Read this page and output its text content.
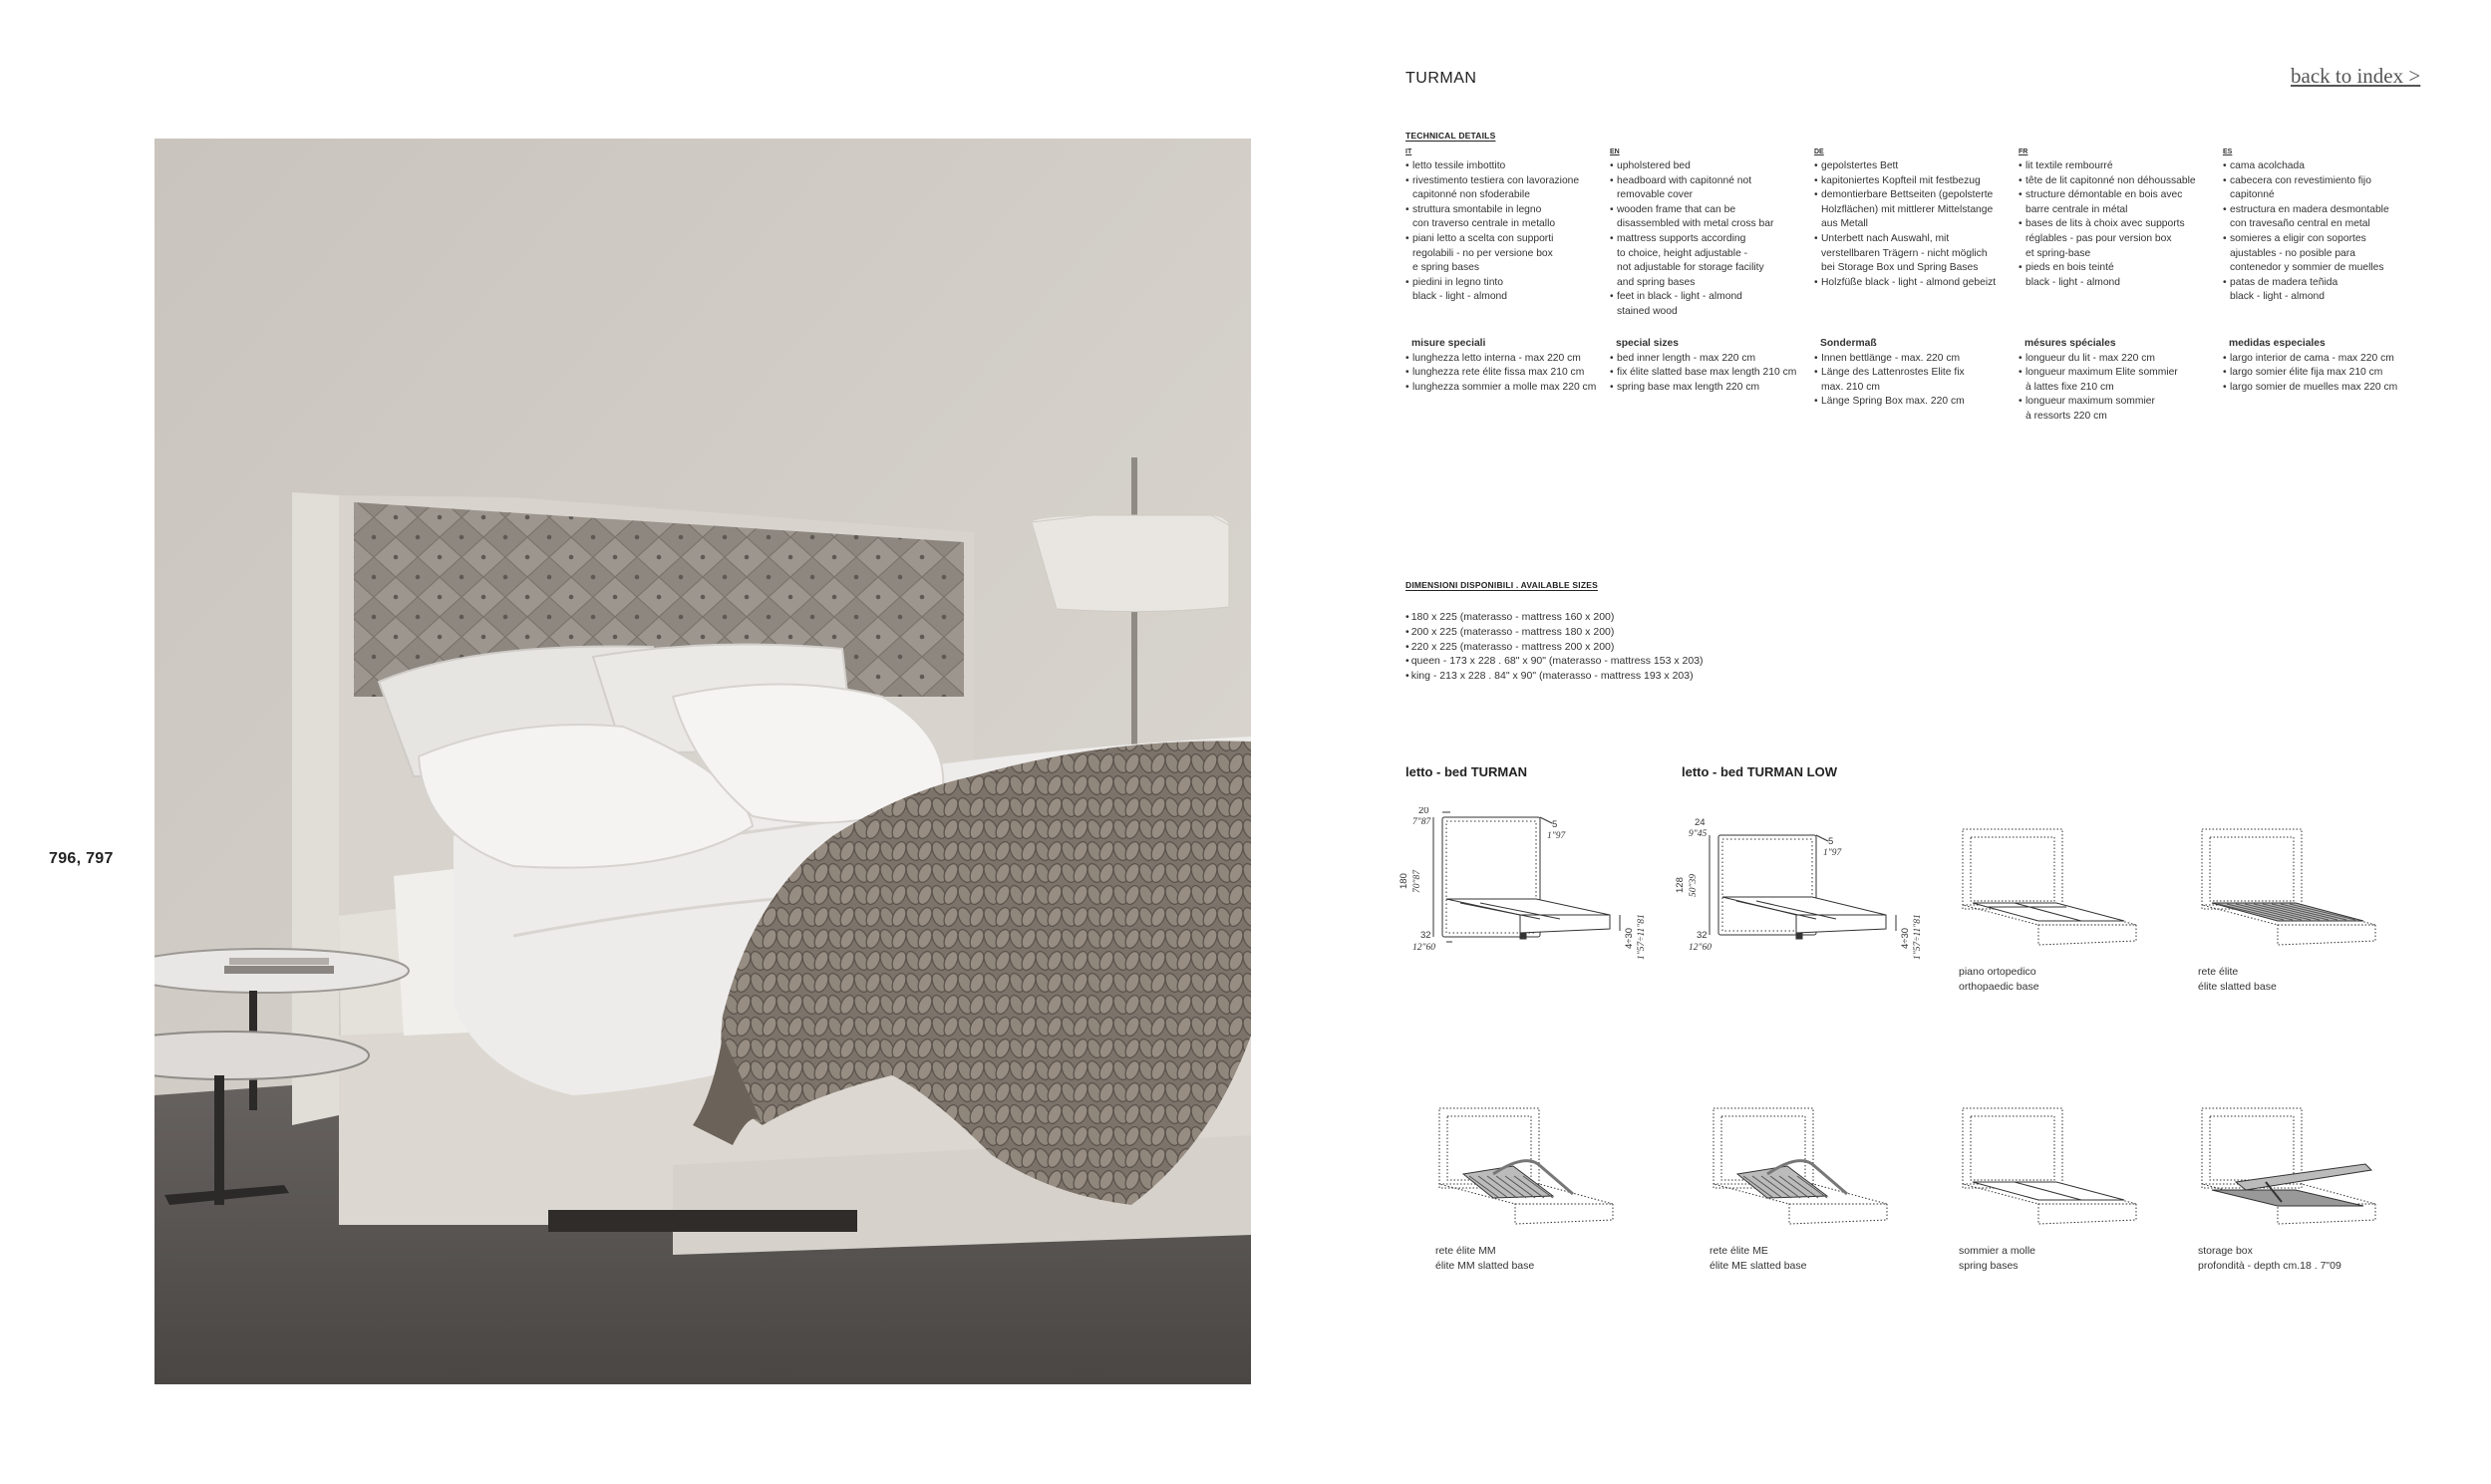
796, 797
TURMAN	back to index >
TECHNICAL DETAILS
IT
• letto tessile imbottito
• rivestimento testiera con lavorazione
capitonné non sfoderabile
• struttura smontabile in legno
con traverso centrale in metallo
• piani letto a scelta con supporti
regolabili - no per versione box
e spring bases
• piedini in legno tinto
black - light - almond
misure speciali
• lunghezza letto interna - max 220 cm
• lunghezza rete élite fissa max 210 cm
• lunghezza sommier a molle max 220 cm
EN
• upholstered bed
• headboard with capitonné not
removable cover
• wooden frame that can be
disassembled with metal cross bar
• mattress supports according
to choice, height adjustable -
not adjustable for storage facility
and spring bases
• feet in black - light - almond
stained wood
special sizes
• bed inner length - max 220 cm
• fix élite slatted base max length 210 cm
• spring base max length 220 cm
DE
• gepolstertes Bett
• kapitoniertes Kopfteil mit festbezug
• demontierbare Bettseiten (gepolsterte
Holzflächen) mit mittlerer Mittelstange
aus Metall
• Unterbett nach Auswahl, mit
verstellbaren Trägern - nicht möglich
bei Storage Box und Spring Bases
• Holzfüße black - light - almond gebeizt
Sondermaß
• Innen bettlänge - max. 220 cm
• Länge des Lattenrostes Elite fix
max. 210 cm
• Länge Spring Box max. 220 cm
FR
• lit textile rembourré
• tête de lit capitonné non déhoussable
• structure démontable en bois avec
barre centrale in métal
• bases de lits à choix avec supports
réglables - pas pour version box
et spring-base
• pieds en bois teinté
black - light - almond
mésures spéciales
• longueur du lit - max 220 cm
• longueur maximum Elite sommier
à lattes fixe 210 cm
• longueur maximum sommier
à ressorts 220 cm
ES
• cama acolchada
• cabecera con revestimiento fijo
capitonné
• estructura en madera desmontable
con travesaño central en metal
• somieres a eligir con soportes
ajustables - no posible para
contenedor y sommier de muelles
• patas de madera teñida
black - light - almond
medidas especiales
• largo interior de cama - max 220 cm
• largo somier élite fija max 210 cm
• largo somier de muelles max 220 cm
DIMENSIONI DISPONIBILI . AVAILABLE SIZES
• 180 x 225 (materasso - mattress 160 x 200)
• 200 x 225 (materasso - mattress 180 x 200)
• 220 x 225 (materasso - mattress 200 x 200)
• queen - 173 x 228 . 68" x 90" (materasso - mattress 153 x 203)
• king - 213 x 228 . 84" x 90" (materasso - mattress 193 x 203)
letto - bed TURMAN	letto - bed TURMAN LOW
20
7"87
180 70"87
5
1"97
32
12"60	4÷30 1"57÷11"81
24
9"45
128 50"39
5
1"97
32
12"60	4÷30 1"57÷11"81
piano ortopedico
orthopaedic base
rete élite
élite slatted base
rete élite MM
élite MM slatted base
rete élite ME
élite ME slatted base
sommier a molle
spring bases
storage box
profondità - depth cm.18 . 7"09
